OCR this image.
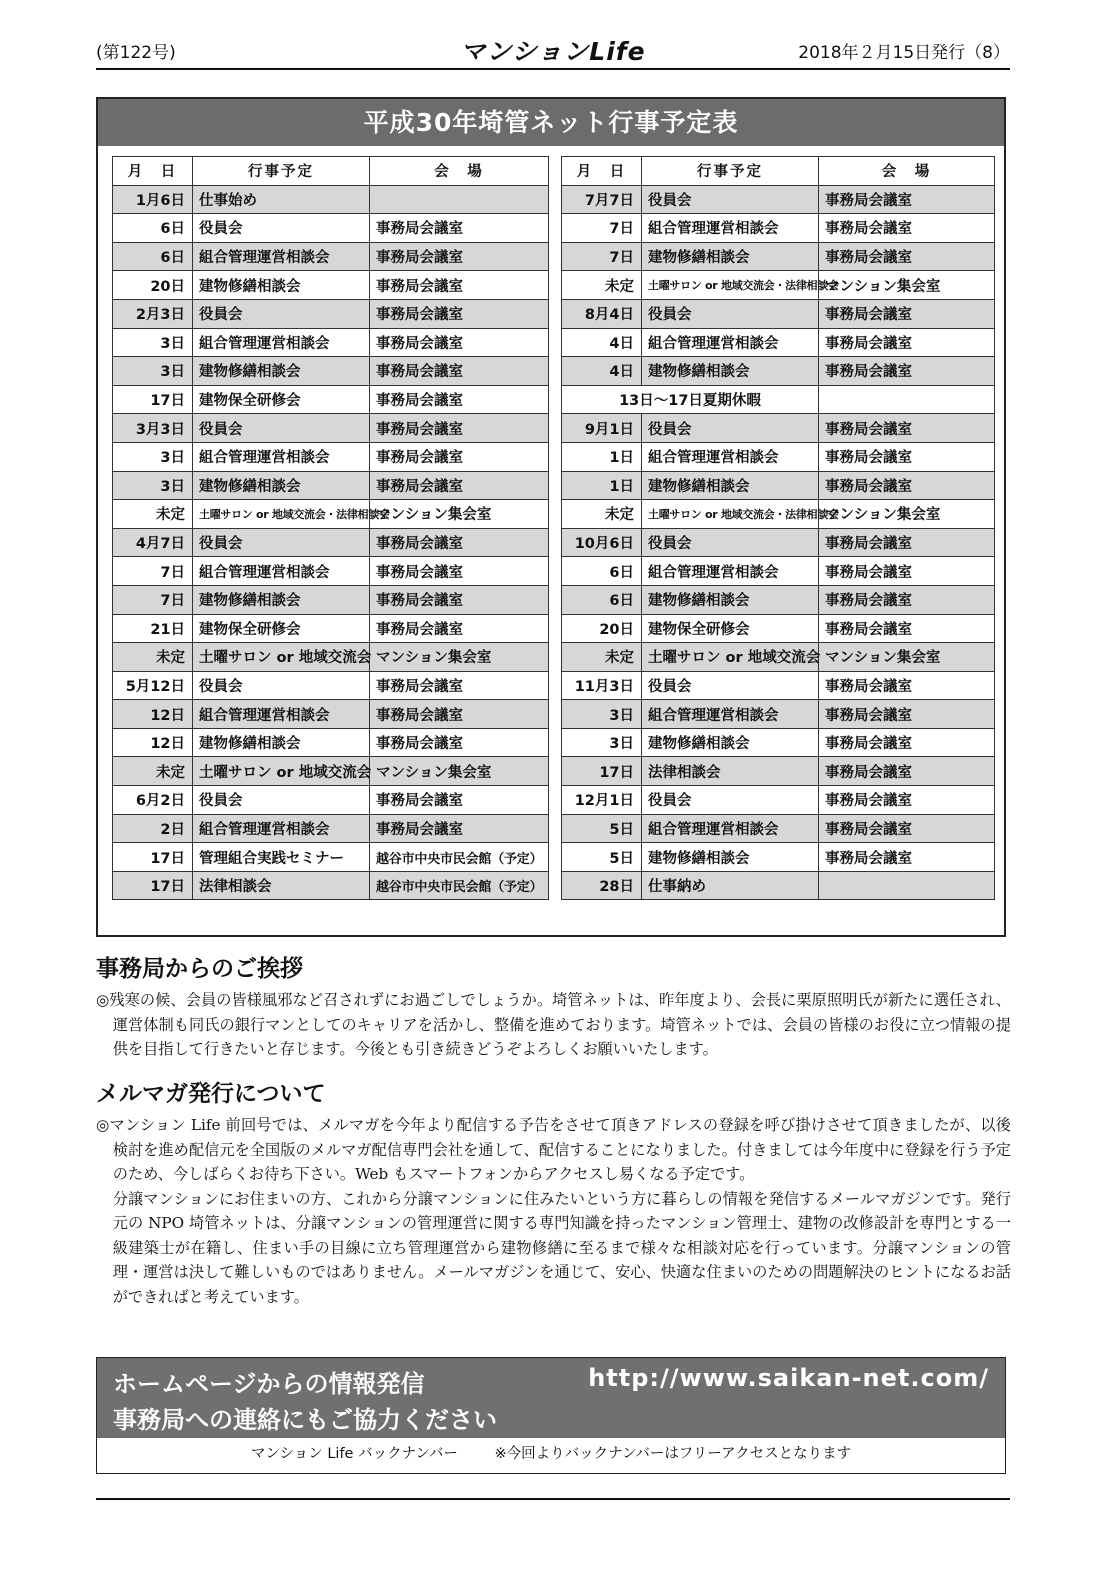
(第122号)	マンションLife	2018年２月15日発行（8）
平成30年埼管ネット行事予定表
月　日	行事予定	会　場
1月6日	仕事始め	
6日	役員会	事務局会議室
6日	組合管理運営相談会	事務局会議室
20日	建物修繕相談会	事務局会議室
2月3日	役員会	事務局会議室
3日	組合管理運営相談会	事務局会議室
3日	建物修繕相談会	事務局会議室
17日	建物保全研修会	事務局会議室
3月3日	役員会	事務局会議室
3日	組合管理運営相談会	事務局会議室
3日	建物修繕相談会	事務局会議室
未定	土曜サロン or 地域交流会・法律相談会	マンション集会室
4月7日	役員会	事務局会議室
7日	組合管理運営相談会	事務局会議室
7日	建物修繕相談会	事務局会議室
21日	建物保全研修会	事務局会議室
未定	土曜サロン or 地域交流会	マンション集会室
5月12日	役員会	事務局会議室
12日	組合管理運営相談会	事務局会議室
12日	建物修繕相談会	事務局会議室
未定	土曜サロン or 地域交流会	マンション集会室
6月2日	役員会	事務局会議室
2日	組合管理運営相談会	事務局会議室
17日	管理組合実践セミナー	越谷市中央市民会館（予定）
17日	法律相談会	越谷市中央市民会館（予定）
月　日	行事予定	会　場
7月7日	役員会	事務局会議室
7日	組合管理運営相談会	事務局会議室
7日	建物修繕相談会	事務局会議室
未定	土曜サロン or 地域交流会・法律相談会	マンション集会室
8月4日	役員会	事務局会議室
4日	組合管理運営相談会	事務局会議室
4日	建物修繕相談会	事務局会議室
13日〜17日夏期休暇		
9月1日	役員会	事務局会議室
1日	組合管理運営相談会	事務局会議室
1日	建物修繕相談会	事務局会議室
未定	土曜サロン or 地域交流会・法律相談会	マンション集会室
10月6日	役員会	事務局会議室
6日	組合管理運営相談会	事務局会議室
6日	建物修繕相談会	事務局会議室
20日	建物保全研修会	事務局会議室
未定	土曜サロン or 地域交流会	マンション集会室
11月3日	役員会	事務局会議室
3日	組合管理運営相談会	事務局会議室
3日	建物修繕相談会	事務局会議室
17日	法律相談会	事務局会議室
12月1日	役員会	事務局会議室
5日	組合管理運営相談会	事務局会議室
5日	建物修繕相談会	事務局会議室
28日	仕事納め	
事務局からのご挨拶

◎残寒の候、会員の皆様風邪など召されずにお過ごしでしょうか。埼管ネットは、昨年度より、会長に栗原照明氏が新たに選任され、運営体制も同氏の銀行マンとしてのキャリアを活かし、整備を進めております。埼管ネットでは、会員の皆様のお役に立つ情報の提供を目指して行きたいと存じます。今後とも引き続きどうぞよろしくお願いいたします。

メルマガ発行について

◎マンション Life 前回号では、メルマガを今年より配信する予告をさせて頂きアドレスの登録を呼び掛けさせて頂きましたが、以後検討を進め配信元を全国版のメルマガ配信専門会社を通して、配信することになりました。付きましては今年度中に登録を行う予定のため、今しばらくお待ち下さい。Web もスマートフォンからアクセスし易くなる予定です。

分譲マンションにお住まいの方、これから分譲マンションに住みたいという方に暮らしの情報を発信するメールマガジンです。発行元の NPO 埼管ネットは、分譲マンションの管理運営に関する専門知識を持ったマンション管理士、建物の改修設計を専門とする一級建築士が在籍し、住まい手の目線に立ち管理運営から建物修繕に至るまで様々な相談対応を行っています。分譲マンションの管理・運営は決して難しいものではありません。メールマガジンを通じて、安心、快適な住まいのための問題解決のヒントになるお話ができればと考えています。

ホームページからの情報発信	http://www.saikan-net.com/
事務局への連絡にもご協力ください
マンション Life バックナンバー	※今回よりバックナンバーはフリーアクセスとなります
